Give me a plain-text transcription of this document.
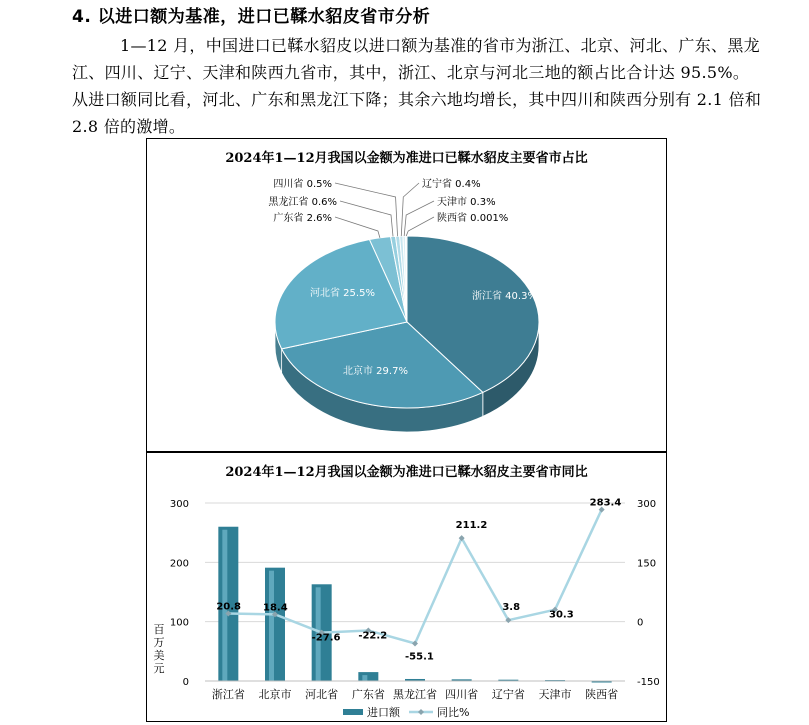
4. 以进口额为基准，进口已鞣水貂皮省市分析
1—12 月，中国进口已鞣水貂皮以进口额为基准的省市为浙江、北京、河北、广东、黑龙江、四川、辽宁、天津和陕西九省市，其中，浙江、北京与河北三地的额占比合计达 95.5%。从进口额同比看，河北、广东和黑龙江下降；其余六地均增长，其中四川和陕西分别有 2.1 倍和 2.8 倍的激增。
2024年1—12月我国以金额为准进口已鞣水貂皮主要省市占比
浙江省 40.3%
北京市 29.7%
河北省 25.5%
广东省 2.6%
黑龙江省 0.6%
四川省 0.5%	辽宁省 0.4%
天津市 0.3%
陕西省 0.001%
2024年1—12月我国以金额为准进口已鞣水貂皮主要省市同比
0
100
200
300
-150
0
150
300
百
万
美
元
浙江省 北京市 河北省 广东省 黑龙江省 四川省 辽宁省 天津市 陕西省
20.8 18.4
-27.6 -22.2
-55.1
211.2
3.8
30.3
283.4
进口额	同比%
